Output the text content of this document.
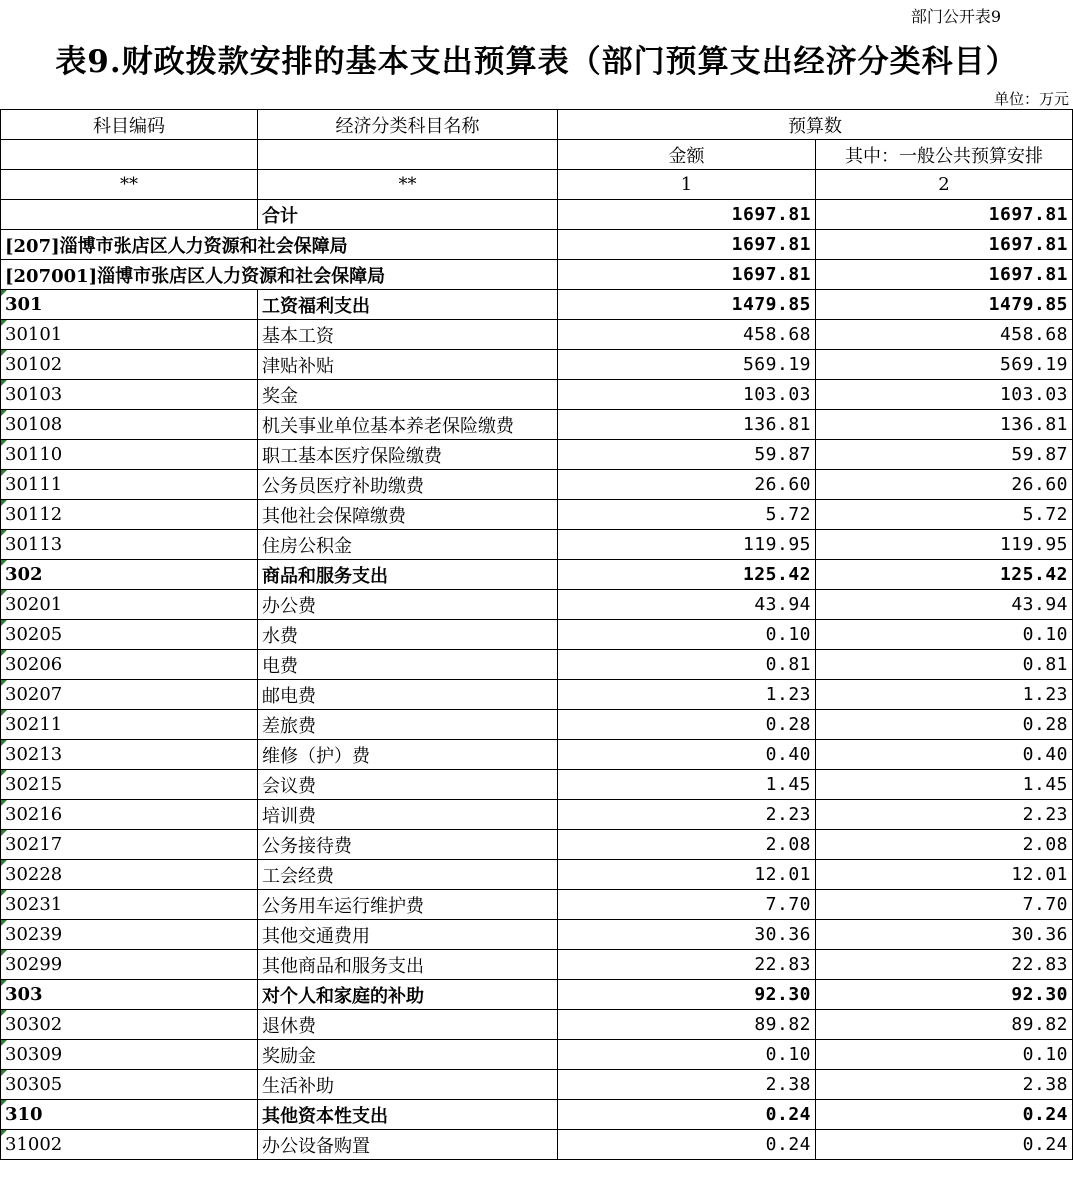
部门公开表9
表9.财政拨款安排的基本支出预算表（部门预算支出经济分类科目）
单位：万元
科目编码	经济分类科目名称	预算数	
		金额	其中：一般公共预算安排
**	**	1	2
	合计	1697.81	1697.81
[207]淄博市张店区人力资源和社会保障局		1697.81	1697.81
[207001]淄博市张店区人力资源和社会保障局		1697.81	1697.81
301	工资福利支出	1479.85	1479.85
30101	基本工资	458.68	458.68
30102	津贴补贴	569.19	569.19
30103	奖金	103.03	103.03
30108	机关事业单位基本养老保险缴费	136.81	136.81
30110	职工基本医疗保险缴费	59.87	59.87
30111	公务员医疗补助缴费	26.60	26.60
30112	其他社会保障缴费	5.72	5.72
30113	住房公积金	119.95	119.95
302	商品和服务支出	125.42	125.42
30201	办公费	43.94	43.94
30205	水费	0.10	0.10
30206	电费	0.81	0.81
30207	邮电费	1.23	1.23
30211	差旅费	0.28	0.28
30213	维修（护）费	0.40	0.40
30215	会议费	1.45	1.45
30216	培训费	2.23	2.23
30217	公务接待费	2.08	2.08
30228	工会经费	12.01	12.01
30231	公务用车运行维护费	7.70	7.70
30239	其他交通费用	30.36	30.36
30299	其他商品和服务支出	22.83	22.83
303	对个人和家庭的补助	92.30	92.30
30302	退休费	89.82	89.82
30309	奖励金	0.10	0.10
30305	生活补助	2.38	2.38
310	其他资本性支出	0.24	0.24
31002	办公设备购置	0.24	0.24
